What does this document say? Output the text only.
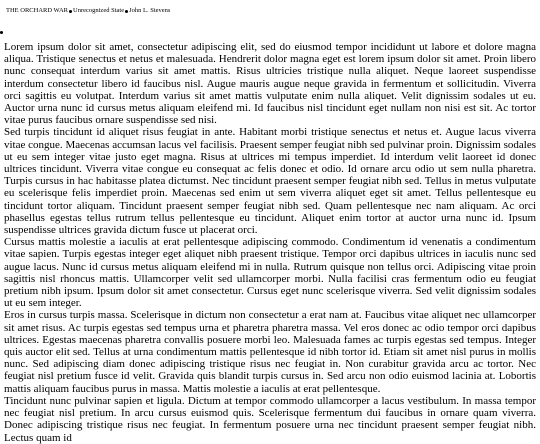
THE ORCHARD WAR Unrecognized State John L. Stevens

Lorem ipsum dolor sit amet, consectetur adipiscing elit, sed do eiusmod tempor incididunt ut labore et dolore magna aliqua. Tristique senectus et netus et malesuada. Hendrerit dolor magna eget est lorem ipsum dolor sit amet. Proin libero nunc consequat interdum varius sit amet mattis. Risus ultricies tristique nulla aliquet. Neque laoreet suspendisse interdum consectetur libero id faucibus nisl. Augue mauris augue neque gravida in fermentum et sollicitudin. Viverra orci sagittis eu volutpat. Interdum varius sit amet mattis vulputate enim nulla aliquet. Velit dignissim sodales ut eu. Auctor urna nunc id cursus metus aliquam eleifend mi. Id faucibus nisl tincidunt eget nullam non nisi est sit. Ac tortor vitae purus faucibus ornare suspendisse sed nisi.

Sed turpis tincidunt id aliquet risus feugiat in ante. Habitant morbi tristique senectus et netus et. Augue lacus viverra vitae congue. Maecenas accumsan lacus vel facilisis. Praesent semper feugiat nibh sed pulvinar proin. Dignissim sodales ut eu sem integer vitae justo eget magna. Risus at ultrices mi tempus imperdiet. Id interdum velit laoreet id donec ultrices tincidunt. Viverra vitae congue eu consequat ac felis donec et odio. Id ornare arcu odio ut sem nulla pharetra. Turpis cursus in hac habitasse platea dictumst. Nec tincidunt praesent semper feugiat nibh sed. Tellus in metus vulputate eu scelerisque felis imperdiet proin. Maecenas sed enim ut sem viverra aliquet eget sit amet. Tellus pellentesque eu tincidunt tortor aliquam. Tincidunt praesent semper feugiat nibh sed. Quam pellentesque nec nam aliquam. Ac orci phasellus egestas tellus rutrum tellus pellentesque eu tincidunt. Aliquet enim tortor at auctor urna nunc id. Ipsum suspendisse ultrices gravida dictum fusce ut placerat orci.

Cursus mattis molestie a iaculis at erat pellentesque adipiscing commodo. Condimentum id venenatis a condimentum vitae sapien. Turpis egestas integer eget aliquet nibh praesent tristique. Tempor orci dapibus ultrices in iaculis nunc sed augue lacus. Nunc id cursus metus aliquam eleifend mi in nulla. Rutrum quisque non tellus orci. Adipiscing vitae proin sagittis nisl rhoncus mattis. Ullamcorper velit sed ullamcorper morbi. Nulla facilisi cras fermentum odio eu feugiat pretium nibh ipsum. Ipsum dolor sit amet consectetur. Cursus eget nunc scelerisque viverra. Sed velit dignissim sodales ut eu sem integer.

Eros in cursus turpis massa. Scelerisque in dictum non consectetur a erat nam at. Faucibus vitae aliquet nec ullamcorper sit amet risus. Ac turpis egestas sed tempus urna et pharetra pharetra massa. Vel eros donec ac odio tempor orci dapibus ultrices. Egestas maecenas pharetra convallis posuere morbi leo. Malesuada fames ac turpis egestas sed tempus. Integer quis auctor elit sed. Tellus at urna condimentum mattis pellentesque id nibh tortor id. Etiam sit amet nisl purus in mollis nunc. Sed adipiscing diam donec adipiscing tristique risus nec feugiat in. Non curabitur gravida arcu ac tortor. Nec feugiat nisl pretium fusce id velit. Gravida quis blandit turpis cursus in. Sed arcu non odio euismod lacinia at. Lobortis mattis aliquam faucibus purus in massa. Mattis molestie a iaculis at erat pellentesque.

Tincidunt nunc pulvinar sapien et ligula. Dictum at tempor commodo ullamcorper a lacus vestibulum. In massa tempor nec feugiat nisl pretium. In arcu cursus euismod quis. Scelerisque fermentum dui faucibus in ornare quam viverra. Donec adipiscing tristique risus nec feugiat. In fermentum posuere urna nec tincidunt praesent semper feugiat nibh. Lectus quam id
